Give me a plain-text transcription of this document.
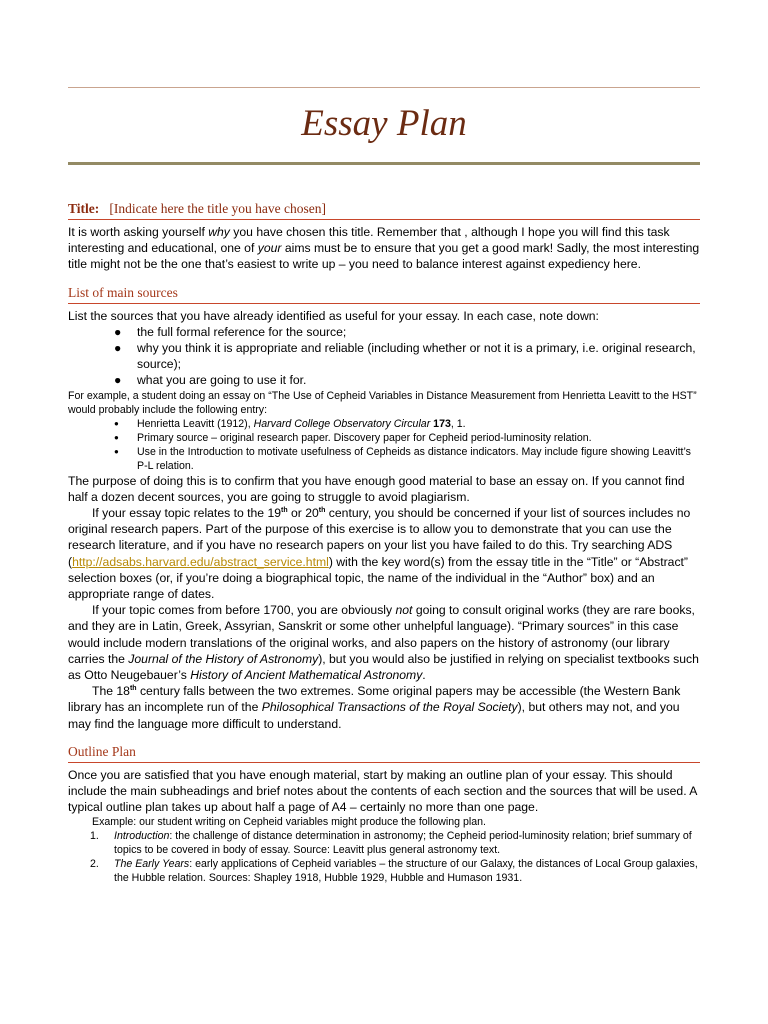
Essay Plan
Title: [Indicate here the title you have chosen]

It is worth asking yourself why you have chosen this title. Remember that , although I hope you will find this task interesting and educational, one of your aims must be to ensure that you get a good mark! Sadly, the most interesting title might not be the one that’s easiest to write up – you need to balance interest against expediency here.

List of main sources

List the sources that you have already identified as useful for your essay. In each case, note down:

● the full formal reference for the source;
● why you think it is appropriate and reliable (including whether or not it is a primary, i.e. original research, source);
● what you are going to use it for.

For example, a student doing an essay on “The Use of Cepheid Variables in Distance Measurement from Henrietta Leavitt to the HST” would probably include the following entry:

● Henrietta Leavitt (1912), Harvard College Observatory Circular 173, 1.
● Primary source – original research paper. Discovery paper for Cepheid period-luminosity relation.
● Use in the Introduction to motivate usefulness of Cepheids as distance indicators. May include figure showing Leavitt’s P-L relation.

The purpose of doing this is to confirm that you have enough good material to base an essay on. If you cannot find half a dozen decent sources, you are going to struggle to avoid plagiarism.

If your essay topic relates to the 19th or 20th century, you should be concerned if your list of sources includes no original research papers. Part of the purpose of this exercise is to allow you to demonstrate that you can use the research literature, and if you have no research papers on your list you have failed to do this. Try searching ADS (http://adsabs.harvard.edu/abstract_service.html) with the key word(s) from the essay title in the “Title” or “Abstract” selection boxes (or, if you’re doing a biographical topic, the name of the individual in the “Author” box) and an appropriate range of dates.

If your topic comes from before 1700, you are obviously not going to consult original works (they are rare books, and they are in Latin, Greek, Assyrian, Sanskrit or some other unhelpful language). “Primary sources” in this case would include modern translations of the original works, and also papers on the history of astronomy (our library carries the Journal of the History of Astronomy), but you would also be justified in relying on specialist textbooks such as Otto Neugebauer’s History of Ancient Mathematical Astronomy.

The 18th century falls between the two extremes. Some original papers may be accessible (the Western Bank library has an incomplete run of the Philosophical Transactions of the Royal Society), but others may not, and you may find the language more difficult to understand.

Outline Plan

Once you are satisfied that you have enough material, start by making an outline plan of your essay. This should include the main subheadings and brief notes about the contents of each section and the sources that will be used. A typical outline plan takes up about half a page of A4 – certainly no more than one page.

Example: our student writing on Cepheid variables might produce the following plan.

1. Introduction: the challenge of distance determination in astronomy; the Cepheid period-luminosity relation; brief summary of topics to be covered in body of essay. Source: Leavitt plus general astronomy text.
2. The Early Years: early applications of Cepheid variables – the structure of our Galaxy, the distances of Local Group galaxies, the Hubble relation. Sources: Shapley 1918, Hubble 1929, Hubble and Humason 1931.
